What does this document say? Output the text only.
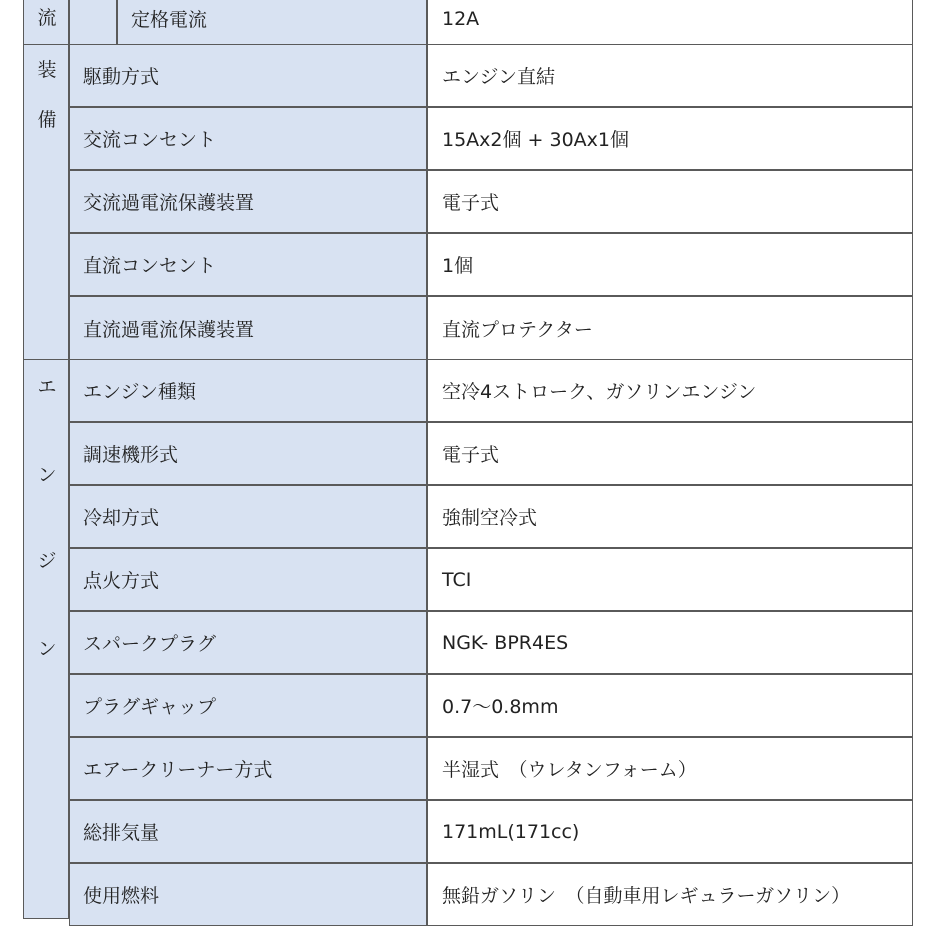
流	定格電流	12A
装
備
駆動方式	エンジン直結
交流コンセント	15Ax2個 + 30Ax1個
交流過電流保護装置	電子式
直流コンセント	1個
直流過電流保護装置	直流プロテクター
エ
ン
ジ
ン
エンジン種類	空冷4ストローク、ガソリンエンジン
調速機形式	電子式
冷却方式	強制空冷式
点火方式	TCI
スパークプラグ	NGK- BPR4ES
プラグギャップ	0.7〜0.8mm
エアークリーナー方式	半湿式　（ウレタンフォーム）
総排気量	171mL(171cc)
使用燃料	無鉛ガソリン　（自動車用レギュラーガソリン）
